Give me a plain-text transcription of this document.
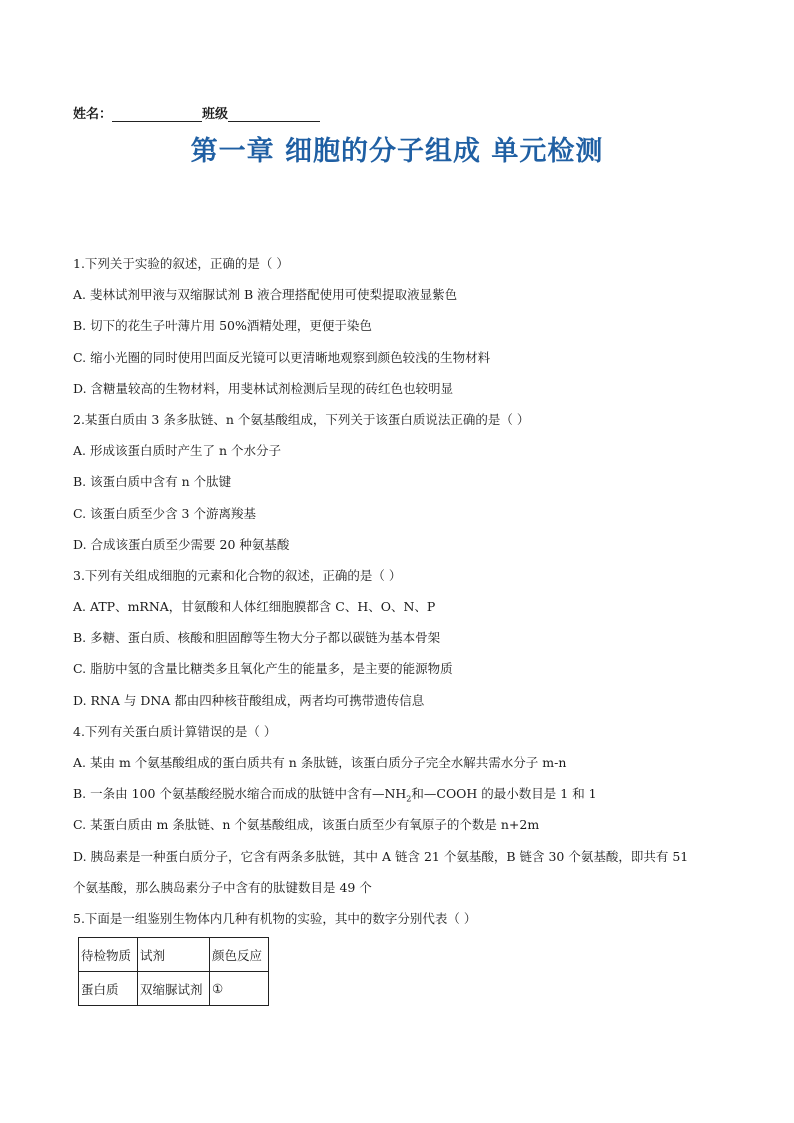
姓名：	班级
第一章 细胞的分子组成 单元检测
1.下列关于实验的叙述，正确的是（ ）
A. 斐林试剂甲液与双缩脲试剂 B 液合理搭配使用可使梨提取液显紫色
B. 切下的花生子叶薄片用 50%酒精处理，更便于染色
C. 缩小光圈的同时使用凹面反光镜可以更清晰地观察到颜色较浅的生物材料
D. 含糖量较高的生物材料，用斐林试剂检测后呈现的砖红色也较明显
2.某蛋白质由 3 条多肽链、n 个氨基酸组成，下列关于该蛋白质说法正确的是（ ）
A. 形成该蛋白质时产生了 n 个水分子
B. 该蛋白质中含有 n 个肽键
C. 该蛋白质至少含 3 个游离羧基
D. 合成该蛋白质至少需要 20 种氨基酸
3.下列有关组成细胞的元素和化合物的叙述，正确的是（ ）
A. ATP、mRNA，甘氨酸和人体红细胞膜都含 C、H、O、N、P
B. 多糖、蛋白质、核酸和胆固醇等生物大分子都以碳链为基本骨架
C. 脂肪中氢的含量比糖类多且氧化产生的能量多，是主要的能源物质
D. RNA 与 DNA 都由四种核苷酸组成，两者均可携带遗传信息
4.下列有关蛋白质计算错误的是（ ）
A. 某由 m 个氨基酸组成的蛋白质共有 n 条肽链，该蛋白质分子完全水解共需水分子 m-n
B. 一条由 100 个氨基酸经脱水缩合而成的肽链中含有$—NH_2$和—COOH 的最小数目是 1 和 1
C. 某蛋白质由 m 条肽链、n 个氨基酸组成，该蛋白质至少有氧原子的个数是 n+2m
D. 胰岛素是一种蛋白质分子，它含有两条多肽链，其中 A 链含 21 个氨基酸，B 链含 30 个氨基酸，即共有 51
个氨基酸，那么胰岛素分子中含有的肽键数目是 49 个
5.下面是一组鉴别生物体内几种有机物的实验，其中的数字分别代表（ ）
待检物质	试剂	颜色反应
蛋白质	双缩脲试剂	①
